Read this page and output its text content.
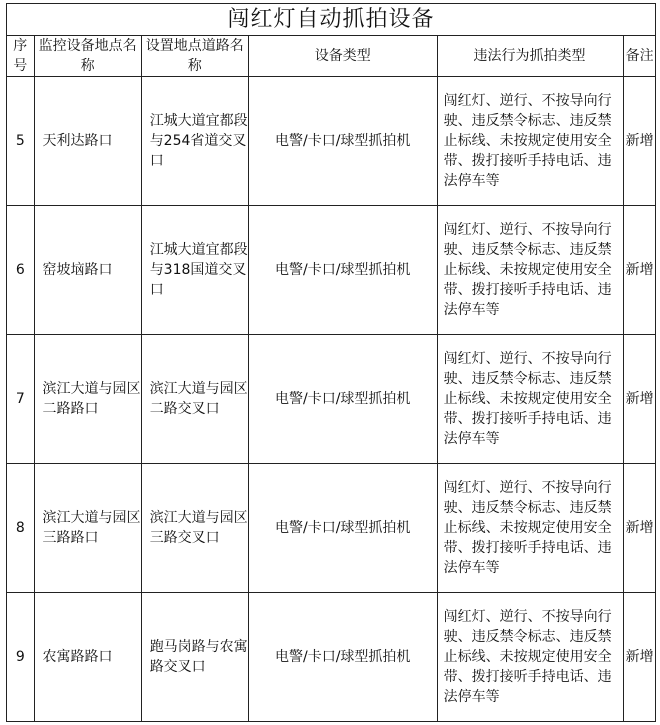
闯红灯自动抓拍设备
序号	监控设备地点名称	设置地点道路名称	设备类型	违法行为抓拍类型	备注
5	天利达路口	江城大道宜都段与254省道交叉口	电警/卡口/球型抓拍机	闯红灯、逆行、不按导向行驶、违反禁令标志、违反禁止标线、未按规定使用安全带、拨打接听手持电话、违法停车等	新增
6	窑坡垴路口	江城大道宜都段与318国道交叉口	电警/卡口/球型抓拍机	闯红灯、逆行、不按导向行驶、违反禁令标志、违反禁止标线、未按规定使用安全带、拨打接听手持电话、违法停车等	新增
7	滨江大道与园区二路路口	滨江大道与园区二路交叉口	电警/卡口/球型抓拍机	闯红灯、逆行、不按导向行驶、违反禁令标志、违反禁止标线、未按规定使用安全带、拨打接听手持电话、违法停车等	新增
8	滨江大道与园区三路路口	滨江大道与园区三路交叉口	电警/卡口/球型抓拍机	闯红灯、逆行、不按导向行驶、违反禁令标志、违反禁止标线、未按规定使用安全带、拨打接听手持电话、违法停车等	新增
9	农寓路路口	跑马岗路与农寓路交叉口	电警/卡口/球型抓拍机	闯红灯、逆行、不按导向行驶、违反禁令标志、违反禁止标线、未按规定使用安全带、拨打接听手持电话、违法停车等	新增
